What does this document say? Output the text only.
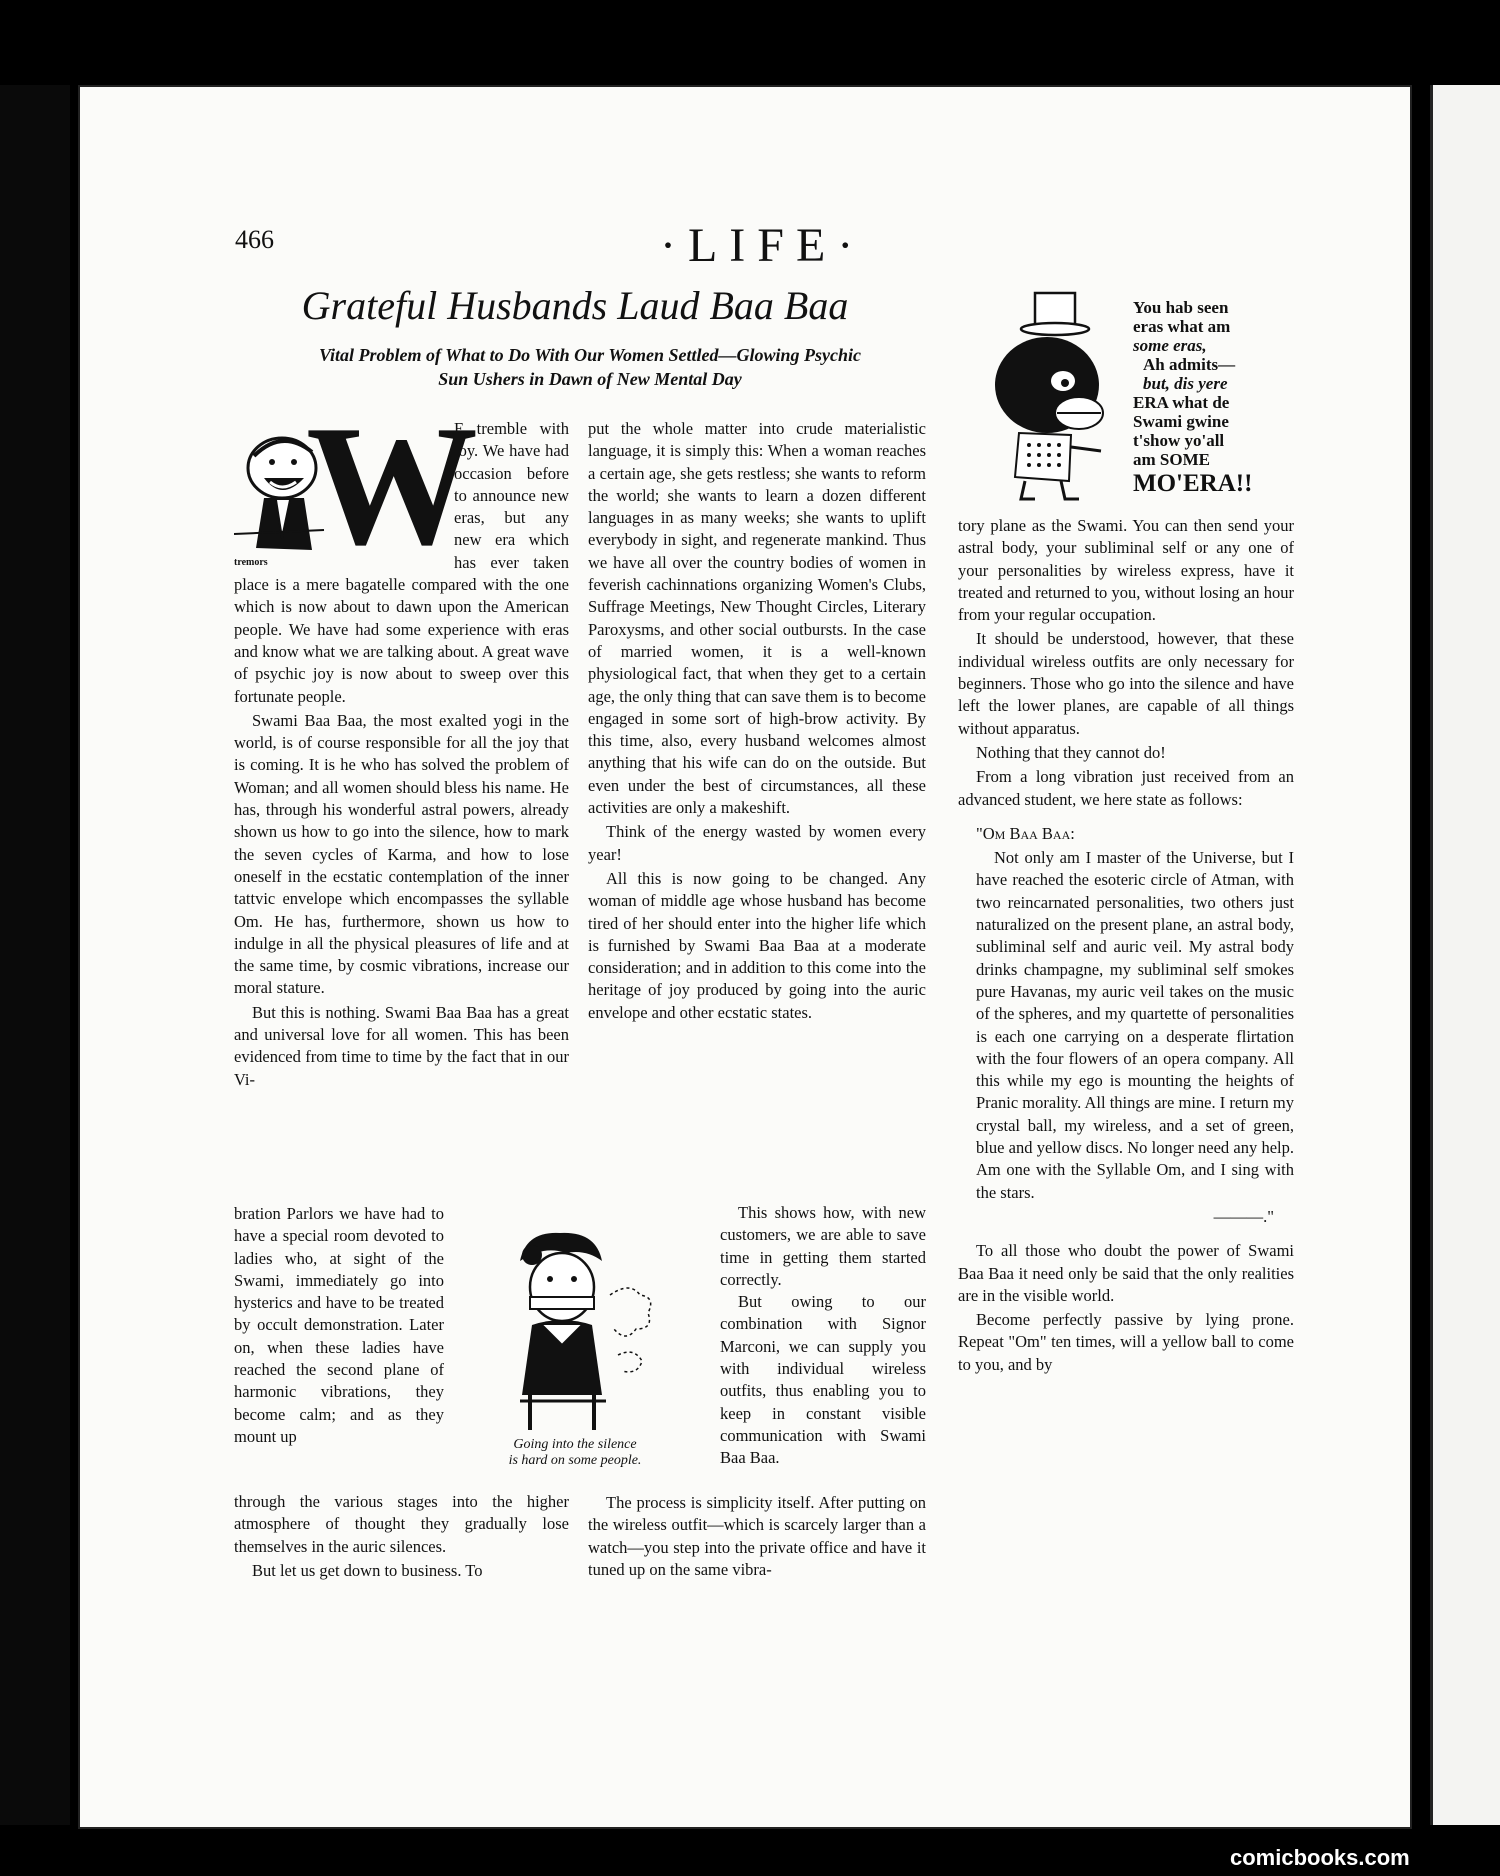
466	·LIFE·
Grateful Husbands Laud Baa Baa
Vital Problem of What to Do With Our Women Settled—Glowing Psychic
Sun Ushers in Dawn of New Mental Day
W
tremors

E tremble with joy. We have had occasion before to announce new eras, but any new era which has ever taken place is a mere bagatelle compared with the one which is now about to dawn upon the American people. We have had some experience with eras and know what we are talking about. A great wave of psychic joy is now about to sweep over this fortunate people.

Swami Baa Baa, the most exalted yogi in the world, is of course responsible for all the joy that is coming. It is he who has solved the problem of Woman; and all women should bless his name. He has, through his wonderful astral powers, already shown us how to go into the silence, how to mark the seven cycles of Karma, and how to lose oneself in the ecstatic contemplation of the inner tattvic envelope which encompasses the syllable Om. He has, furthermore, shown us how to indulge in all the physical pleasures of life and at the same time, by cosmic vibrations, increase our moral stature.

But this is nothing. Swami Baa Baa has a great and universal love for all women. This has been evidenced from time to time by the fact that in our Vi-

bration Parlors we have had to have a special room devoted to ladies who, at sight of the Swami, immediately go into hysterics and have to be treated by occult demonstration. Later on, when these ladies have reached the second plane of harmonic vibrations, they become calm; and as they mount up

through the various stages into the higher atmosphere of thought they gradually lose themselves in the auric silences.

But let us get down to business. To

put the whole matter into crude materialistic language, it is simply this: When a woman reaches a certain age, she gets restless; she wants to reform the world; she wants to learn a dozen different languages in as many weeks; she wants to uplift everybody in sight, and regenerate mankind. Thus we have all over the country bodies of women in feverish cachinnations organizing Women's Clubs, Suffrage Meetings, New Thought Circles, Literary Paroxysms, and other social outbursts. In the case of married women, it is a well-known physiological fact, that when they get to a certain age, the only thing that can save them is to become engaged in some sort of high-brow activity. By this time, also, every husband welcomes almost anything that his wife can do on the outside. But even under the best of circumstances, all these activities are only a makeshift.

Think of the energy wasted by women every year!

All this is now going to be changed. Any woman of middle age whose husband has become tired of her should enter into the higher life which is furnished by Swami Baa Baa at a moderate consideration; and in addition to this come into the heritage of joy produced by going into the auric envelope and other ecstatic states.

This shows how, with new customers, we are able to save time in getting them started correctly.

But owing to our combination with Signor Marconi, we can supply you with individual wireless outfits, thus enabling you to keep in constant visible communication with Swami Baa Baa.

The process is simplicity itself. After putting on the wireless outfit—which is scarcely larger than a watch—you step into the private office and have it tuned up on the same vibra-

Going into the silence
is hard on some people.
You hab seen
eras what am
some eras,
Ah admits—
but, dis yere
ERA what de
Swami gwine
t'show yo'all
am SOME
MO'ERA!!

tory plane as the Swami. You can then send your astral body, your subliminal self or any one of your personalities by wireless express, have it treated and returned to you, without losing an hour from your regular occupation.

It should be understood, however, that these individual wireless outfits are only necessary for beginners. Those who go into the silence and have left the lower planes, are capable of all things without apparatus.

Nothing that they cannot do!

From a long vibration just received from an advanced student, we here state as follows:

"Om Baa Baa:

Not only am I master of the Universe, but I have reached the esoteric circle of Atman, with two reincarnated personalities, two others just naturalized on the present plane, an astral body, subliminal self and auric veil. My astral body drinks champagne, my subliminal self smokes pure Havanas, my auric veil takes on the music of the spheres, and my quartette of personalities is each one carrying on a desperate flirtation with the four flowers of an opera company. All this while my ego is mounting the heights of Pranic morality. All things are mine. I return my crystal ball, my wireless, and a set of green, blue and yellow discs. No longer need any help. Am one with the Syllable Om, and I sing with the stars.

———."

To all those who doubt the power of Swami Baa Baa it need only be said that the only realities are in the visible world.

Become perfectly passive by lying prone. Repeat "Om" ten times, will a yellow ball to come to you, and by

comicbooks.com
